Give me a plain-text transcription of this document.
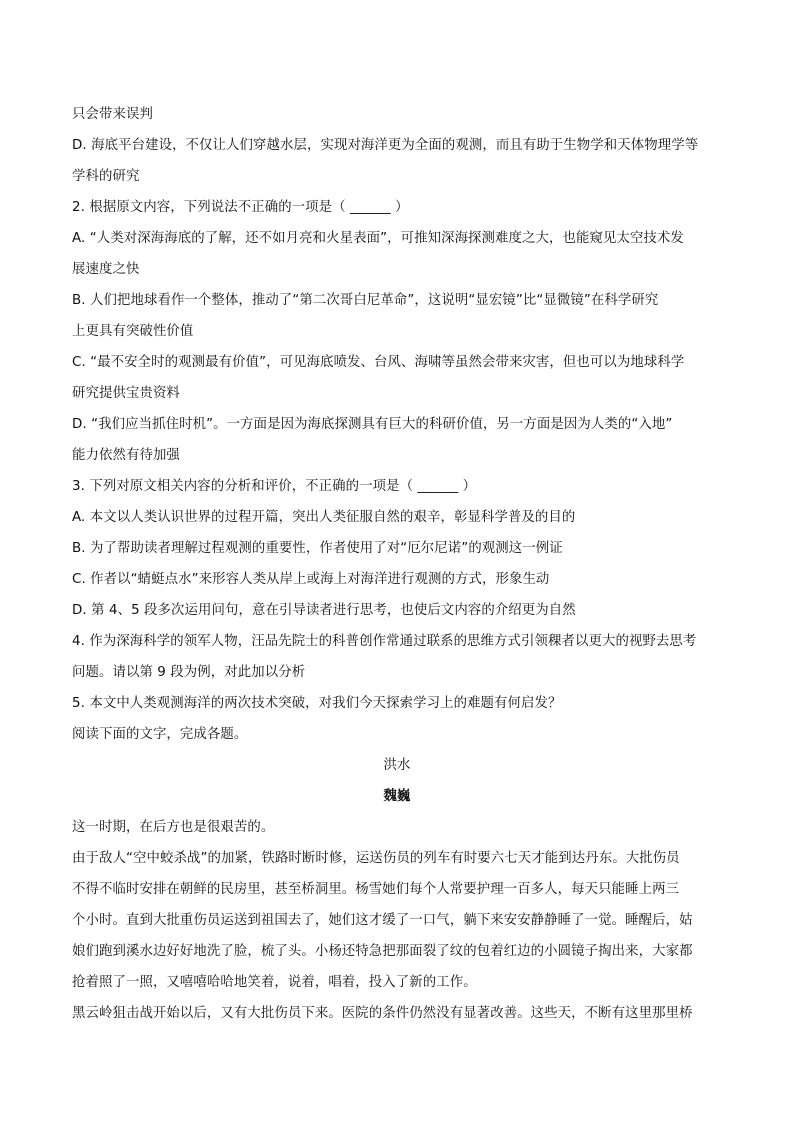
只会带来误判
D. 海底平台建设，不仅让人们穿越水层，实现对海洋更为全面的观测，而且有助于生物学和天体物理学等
学科的研究
2. 根据原文内容，下列说法不正确的一项是（ ______ ）
A. “人类对深海海底的了解，还不如月亮和火星表面”，可推知深海探测难度之大，也能窥见太空技术发
展速度之快
B. 人们把地球看作一个整体，推动了“第二次哥白尼革命”，这说明“显宏镜”比“显微镜”在科学研究
上更具有突破性价值
C. “最不安全时的观测最有价值”，可见海底喷发、台风、海啸等虽然会带来灾害，但也可以为地球科学
研究提供宝贵资料
D. “我们应当抓住时机”。一方面是因为海底探测具有巨大的科研价值，另一方面是因为人类的“入地”
能力依然有待加强
3. 下列对原文相关内容的分析和评价，不正确的一项是（ ______ ）
A. 本文以人类认识世界的过程开篇，突出人类征服自然的艰辛，彰显科学普及的目的
B. 为了帮助读者理解过程观测的重要性，作者使用了对“厄尔尼诺”的观测这一例证
C. 作者以“蜻蜓点水”来形容人类从岸上或海上对海洋进行观测的方式，形象生动
D. 第 4、5 段多次运用问句，意在引导读者进行思考，也使后文内容的介绍更为自然
4. 作为深海科学的领军人物，汪品先院士的科普创作常通过联系的思维方式引领稞者以更大的视野去思考
问题。请以第 9 段为例，对此加以分析
5. 本文中人类观测海洋的两次技术突破，对我们今天探索学习上的难题有何启发？
阅读下面的文字，完成各题。
洪水
魏巍
这一时期，在后方也是很艰苦的。
由于敌人“空中蛟杀战”的加紧，铁路时断时修，运送伤员的列车有时要六七天才能到达丹东。大批伤员
不得不临时安排在朝鲜的民房里，甚至桥洞里。杨雪她们每个人常要护理一百多人，每天只能睡上两三
个小时。直到大批重伤员运送到祖国去了，她们这才缓了一口气，躺下来安安静静睡了一觉。睡醒后，姑
娘们跑到溪水边好好地洗了脸，梳了头。小杨还特急把那面裂了纹的包着红边的小圆镜子掏出来，大家都
抢着照了一照，又嘻嘻哈哈地笑着，说着，唱着，投入了新的工作。
黑云岭狙击战开始以后，又有大批伤员下来。医院的条件仍然没有显著改善。这些天，不断有这里那里桥
